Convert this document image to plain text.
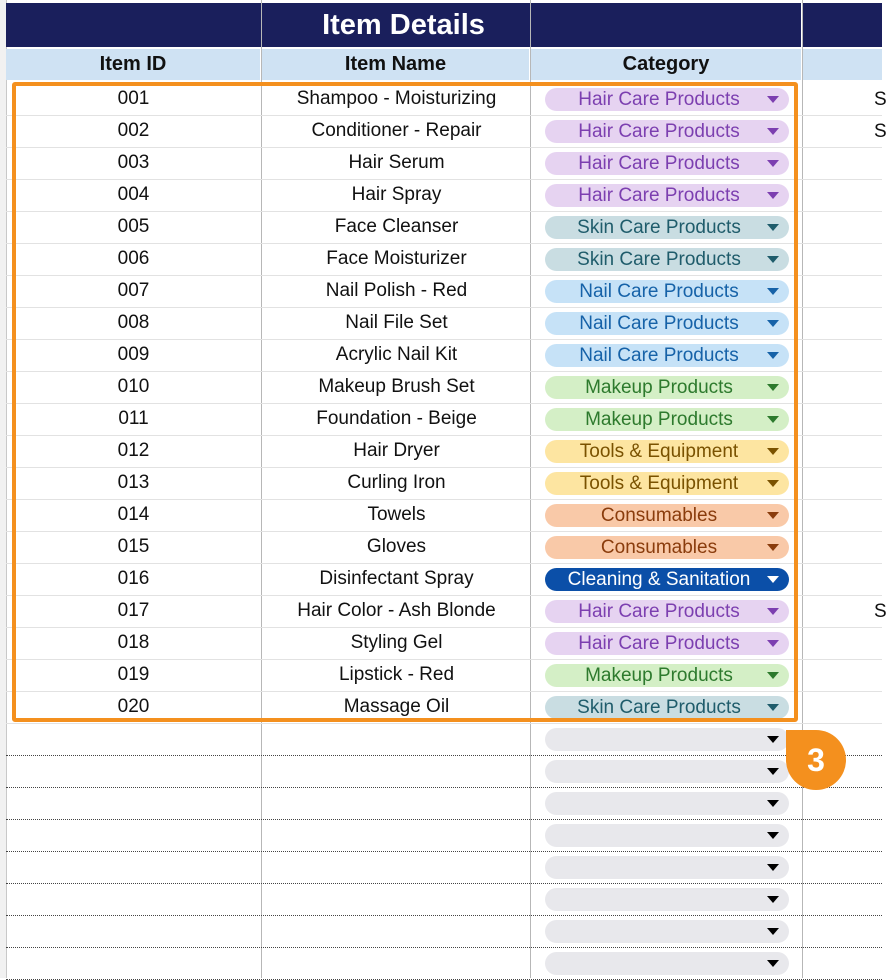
Item Details
Item ID	Item Name	Category
001	Shampoo - Moisturizing	Hair Care Products	S
002	Conditioner - Repair	Hair Care Products	S
003	Hair Serum	Hair Care Products
004	Hair Spray	Hair Care Products
005	Face Cleanser	Skin Care Products
006	Face Moisturizer	Skin Care Products
007	Nail Polish - Red	Nail Care Products
008	Nail File Set	Nail Care Products
009	Acrylic Nail Kit	Nail Care Products
010	Makeup Brush Set	Makeup Products
011	Foundation - Beige	Makeup Products
012	Hair Dryer	Tools & Equipment
013	Curling Iron	Tools & Equipment
014	Towels	Consumables
015	Gloves	Consumables
016	Disinfectant Spray	Cleaning & Sanitation
017	Hair Color - Ash Blonde	Hair Care Products	S
018	Styling Gel	Hair Care Products
019	Lipstick - Red	Makeup Products
020	Massage Oil	Skin Care Products
3
